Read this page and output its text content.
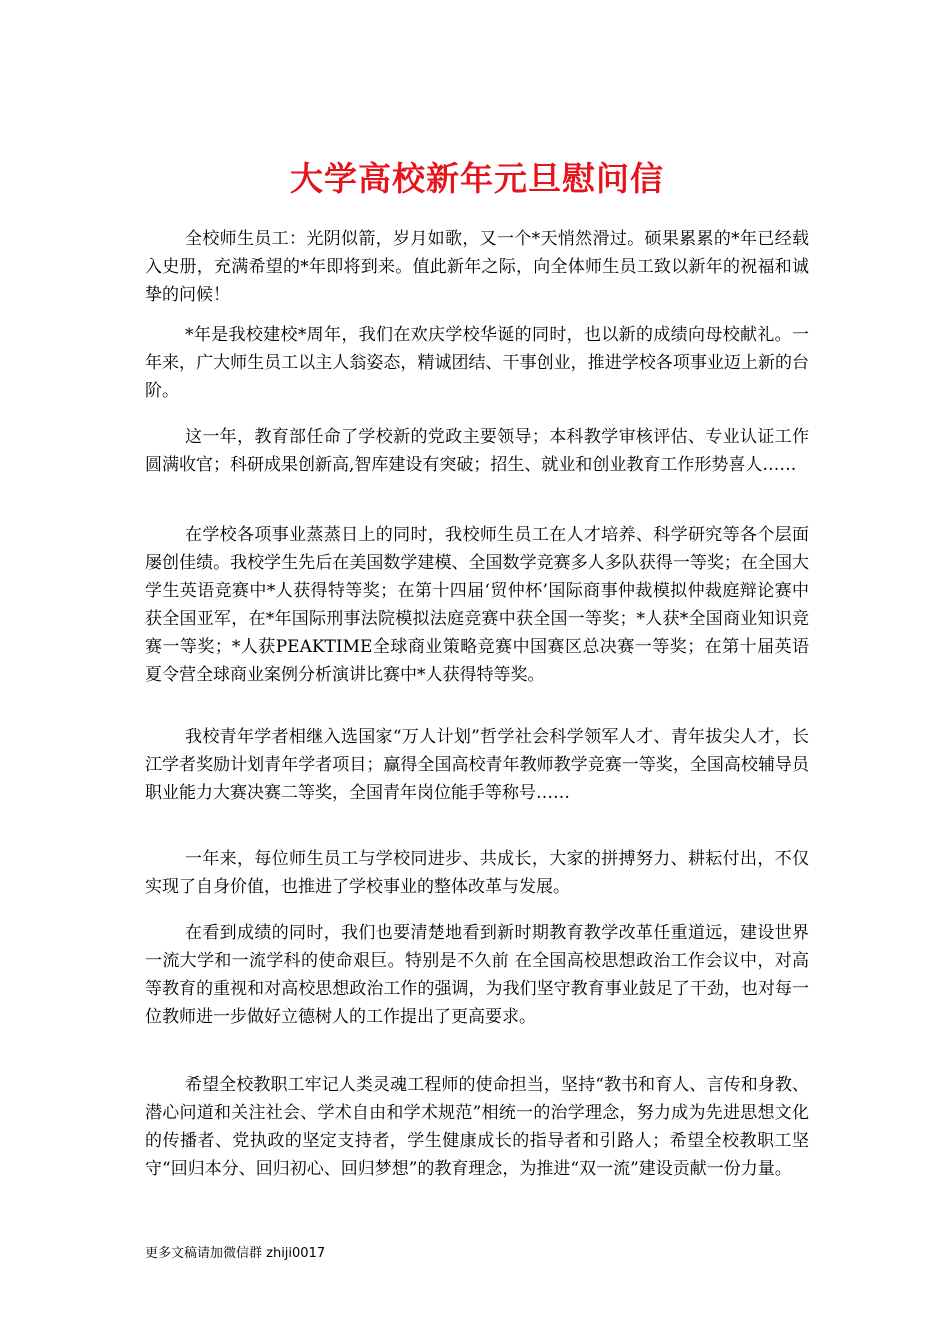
大学高校新年元旦慰问信

全校师生员工：光阴似箭，岁月如歌，又一个*天悄然滑过。硕果累累的*年已经载入史册，充满希望的*年即将到来。值此新年之际，向全体师生员工致以新年的祝福和诚挚的问候！

*年是我校建校*周年，我们在欢庆学校华诞的同时，也以新的成绩向母校献礼。一年来，广大师生员工以主人翁姿态，精诚团结、干事创业，推进学校各项事业迈上新的台阶。

这一年，教育部任命了学校新的党政主要领导；本科教学审核评估、专业认证工作圆满收官；科研成果创新高,智库建设有突破；招生、就业和创业教育工作形势喜人……

在学校各项事业蒸蒸日上的同时，我校师生员工在人才培养、科学研究等各个层面屡创佳绩。我校学生先后在美国数学建模、全国数学竞赛多人多队获得一等奖；在全国大学生英语竞赛中*人获得特等奖；在第十四届‘贸仲杯’国际商事仲裁模拟仲裁庭辩论赛中获全国亚军，在*年国际刑事法院模拟法庭竞赛中获全国一等奖；*人获*全国商业知识竞赛一等奖；*人获PEAKTIME全球商业策略竞赛中国赛区总决赛一等奖；在第十届英语夏令营全球商业案例分析演讲比赛中*人获得特等奖。

我校青年学者相继入选国家“万人计划”哲学社会科学领军人才、青年拔尖人才，长江学者奖励计划青年学者项目；赢得全国高校青年教师教学竞赛一等奖，全国高校辅导员职业能力大赛决赛二等奖，全国青年岗位能手等称号……

一年来，每位师生员工与学校同进步、共成长，大家的拼搏努力、耕耘付出，不仅实现了自身价值，也推进了学校事业的整体改革与发展。

在看到成绩的同时，我们也要清楚地看到新时期教育教学改革任重道远，建设世界一流大学和一流学科的使命艰巨。特别是不久前 在全国高校思想政治工作会议中，对高等教育的重视和对高校思想政治工作的强调，为我们坚守教育事业鼓足了干劲，也对每一位教师进一步做好立德树人的工作提出了更高要求。

希望全校教职工牢记人类灵魂工程师的使命担当，坚持“教书和育人、言传和身教、潜心问道和关注社会、学术自由和学术规范”相统一的治学理念，努力成为先进思想文化的传播者、党执政的坚定支持者，学生健康成长的指导者和引路人；希望全校教职工坚守“回归本分、回归初心、回归梦想”的教育理念，为推进“双一流”建设贡献一份力量。

更多文稿请加微信群 zhiji0017
